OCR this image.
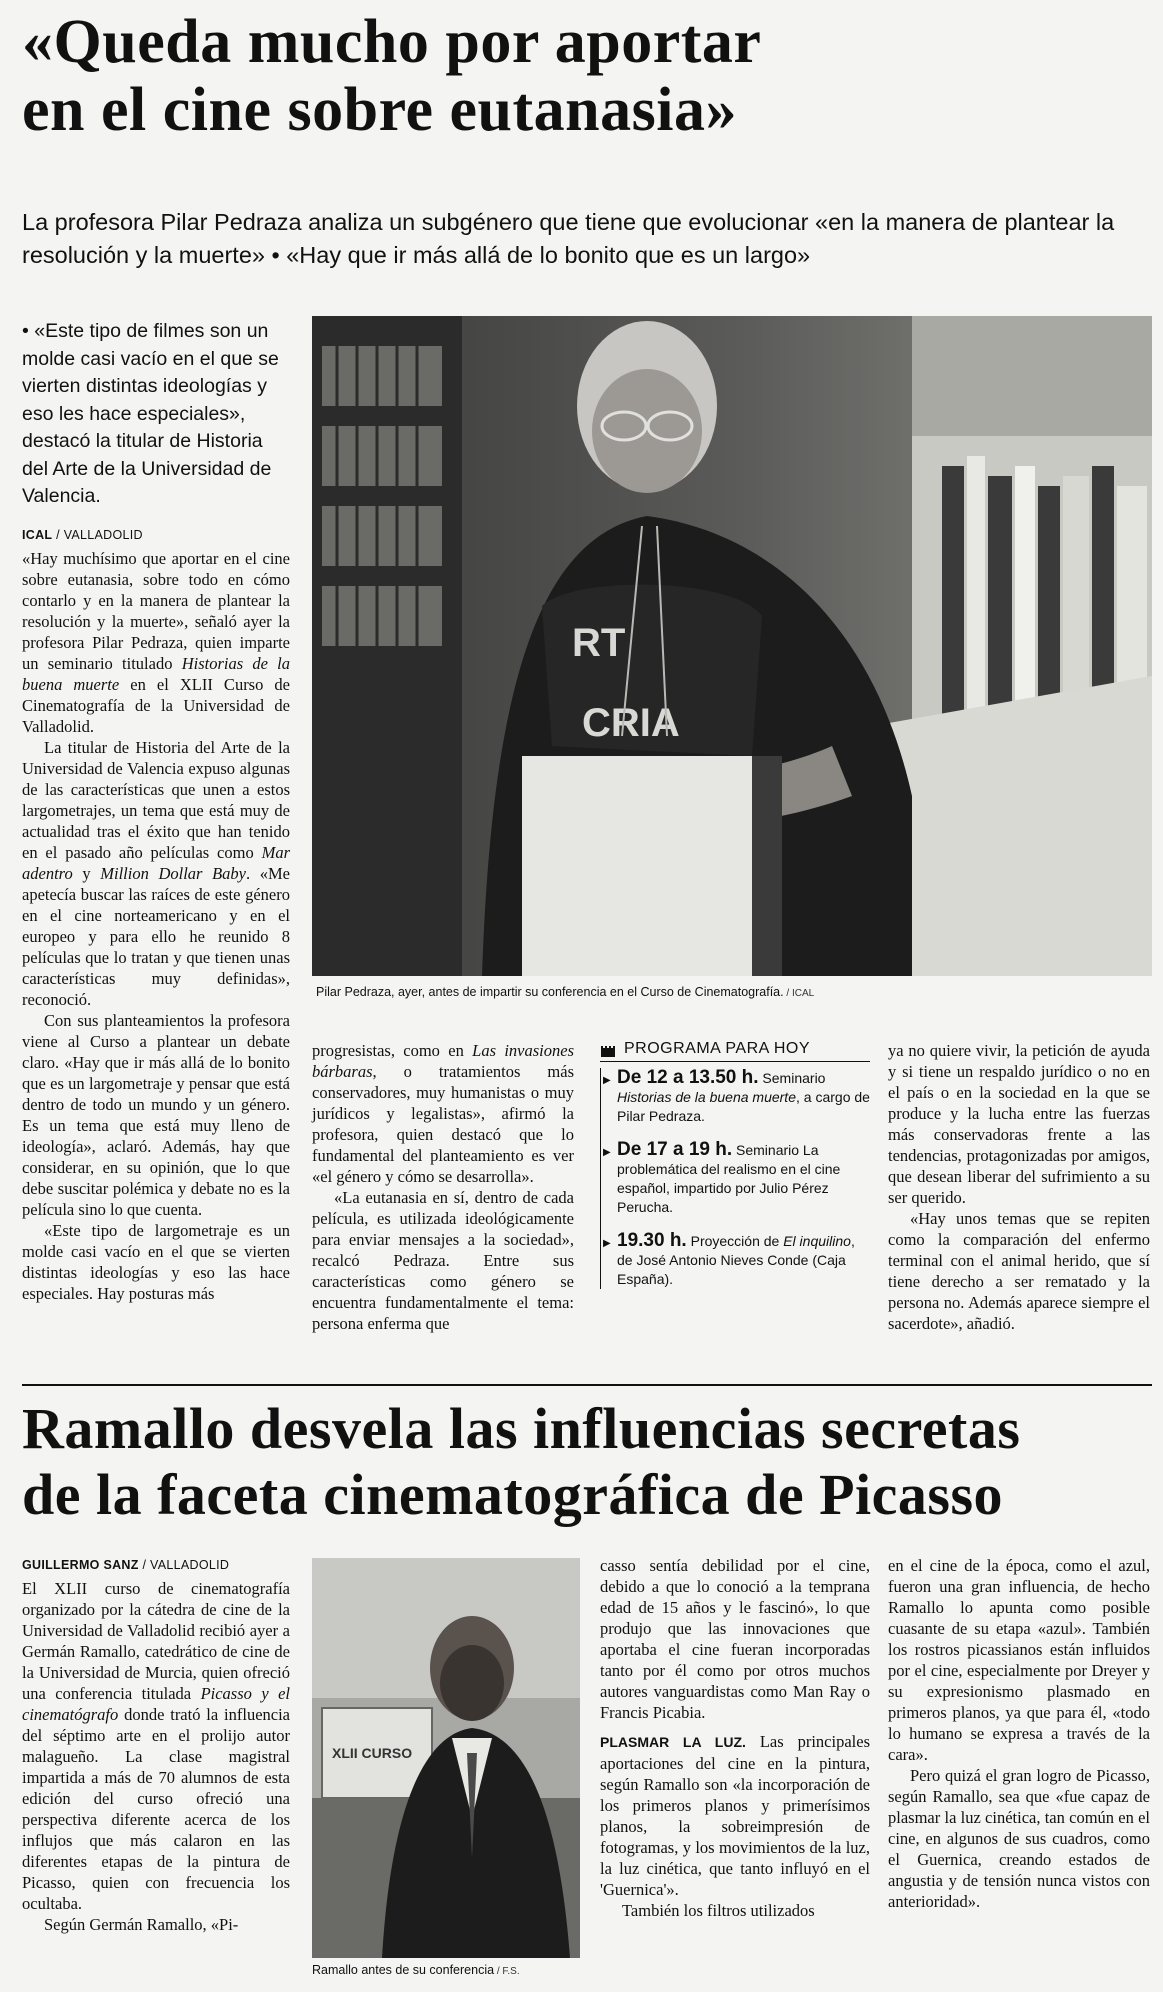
«Queda mucho por aportar
en el cine sobre eutanasia»
La profesora Pilar Pedraza analiza un subgénero que tiene que evolucionar «en la manera de plantear la resolución y la muerte» • «Hay que ir más allá de lo bonito que es un largo»
• «Este tipo de filmes son un molde casi vacío en el que se vierten distintas ideologías y eso les hace especiales», destacó la titular de Historia del Arte de la Universidad de Valencia.
ICAL / VALLADOLID

«Hay muchísimo que aportar en el cine sobre eutanasia, sobre todo en cómo contarlo y en la manera de plantear la resolución y la muerte», señaló ayer la profesora Pilar Pedraza, quien imparte un seminario titulado Historias de la buena muerte en el XLII Curso de Cinematografía de la Universidad de Valladolid.

La titular de Historia del Arte de la Universidad de Valencia expuso algunas de las características que unen a estos largometrajes, un tema que está muy de actualidad tras el éxito que han tenido en el pasado año películas como Mar adentro y Million Dollar Baby. «Me apetecía buscar las raíces de este género en el cine norteamericano y en el europeo y para ello he reunido 8 películas que lo tratan y que tienen unas características muy definidas», reconoció.

Con sus planteamientos la profesora viene al Curso a plantear un debate claro. «Hay que ir más allá de lo bonito que es un largometraje y pensar que está dentro de todo un mundo y un género. Es un tema que está muy lleno de ideología», aclaró. Además, hay que considerar, en su opinión, que lo que debe suscitar polémica y debate no es la película sino lo que cuenta.

«Este tipo de largometraje es un molde casi vacío en el que se vierten distintas ideologías y eso las hace especiales. Hay posturas más

RT
CRIA
Pilar Pedraza, ayer, antes de impartir su conferencia en el Curso de Cinematografía. / ICAL

progresistas, como en Las invasiones bárbaras, o tratamientos más conservadores, muy humanistas o muy jurídicos y legalistas», afirmó la profesora, quien destacó que lo fundamental del planteamiento es ver «el género y cómo se desarrolla».

«La eutanasia en sí, dentro de cada película, es utilizada ideológicamente para enviar mensajes a la sociedad», recalcó Pedraza. Entre sus características como género se encuentra fundamentalmente el tema: persona enferma que

PROGRAMA PARA HOY
▶ De 12 a 13.50 h. Seminario Historias de la buena muerte, a cargo de Pilar Pedraza.
▶ De 17 a 19 h. Seminario La problemática del realismo en el cine español, impartido por Julio Pérez Perucha.
▶ 19.30 h. Proyección de El inquilino, de José Antonio Nieves Conde (Caja España).

ya no quiere vivir, la petición de ayuda y si tiene un respaldo jurídico o no en el país o en la sociedad en la que se produce y la lucha entre las fuerzas más conservadoras frente a las tendencias, protagonizadas por amigos, que desean liberar del sufrimiento a su ser querido.

«Hay unos temas que se repiten como la comparación del enfermo terminal con el animal herido, que sí tiene derecho a ser rematado y la persona no. Además aparece siempre el sacerdote», añadió.

Ramallo desvela las influencias secretas
de la faceta cinematográfica de Picasso
GUILLERMO SANZ / VALLADOLID

El XLII curso de cinematografía organizado por la cátedra de cine de la Universidad de Valladolid recibió ayer a Germán Ramallo, catedrático de cine de la Universidad de Murcia, quien ofreció una conferencia titulada Picasso y el cinematógrafo donde trató la influencia del séptimo arte en el prolijo autor malagueño. La clase magistral impartida a más de 70 alumnos de esta edición del curso ofreció una perspectiva diferente acerca de los influjos que más calaron en las diferentes etapas de la pintura de Picasso, quien con frecuencia los ocultaba.

Según Germán Ramallo, «Pi-

XLII CURSO
Ramallo antes de su conferencia / F.S.

casso sentía debilidad por el cine, debido a que lo conoció a la temprana edad de 15 años y le fascinó», lo que produjo que las innovaciones que aportaba el cine fueran incorporadas tanto por él como por otros muchos autores vanguardistas como Man Ray o Francis Picabia.

PLASMAR LA LUZ. Las principales aportaciones del cine en la pintura, según Ramallo son «la incorporación de los primeros planos y primerísimos planos, la sobreimpresión de fotogramas, y los movimientos de la luz, la luz cinética, que tanto influyó en el 'Guernica'».

También los filtros utilizados

en el cine de la época, como el azul, fueron una gran influencia, de hecho Ramallo lo apunta como posible cuasante de su etapa «azul». También los rostros picassianos están influidos por el cine, especialmente por Dreyer y su expresionismo plasmado en primeros planos, ya que para él, «todo lo humano se expresa a través de la cara».

Pero quizá el gran logro de Picasso, según Ramallo, sea que «fue capaz de plasmar la luz cinética, tan común en el cine, en algunos de sus cuadros, como el Guernica, creando estados de angustia y de tensión nunca vistos con anterioridad».
